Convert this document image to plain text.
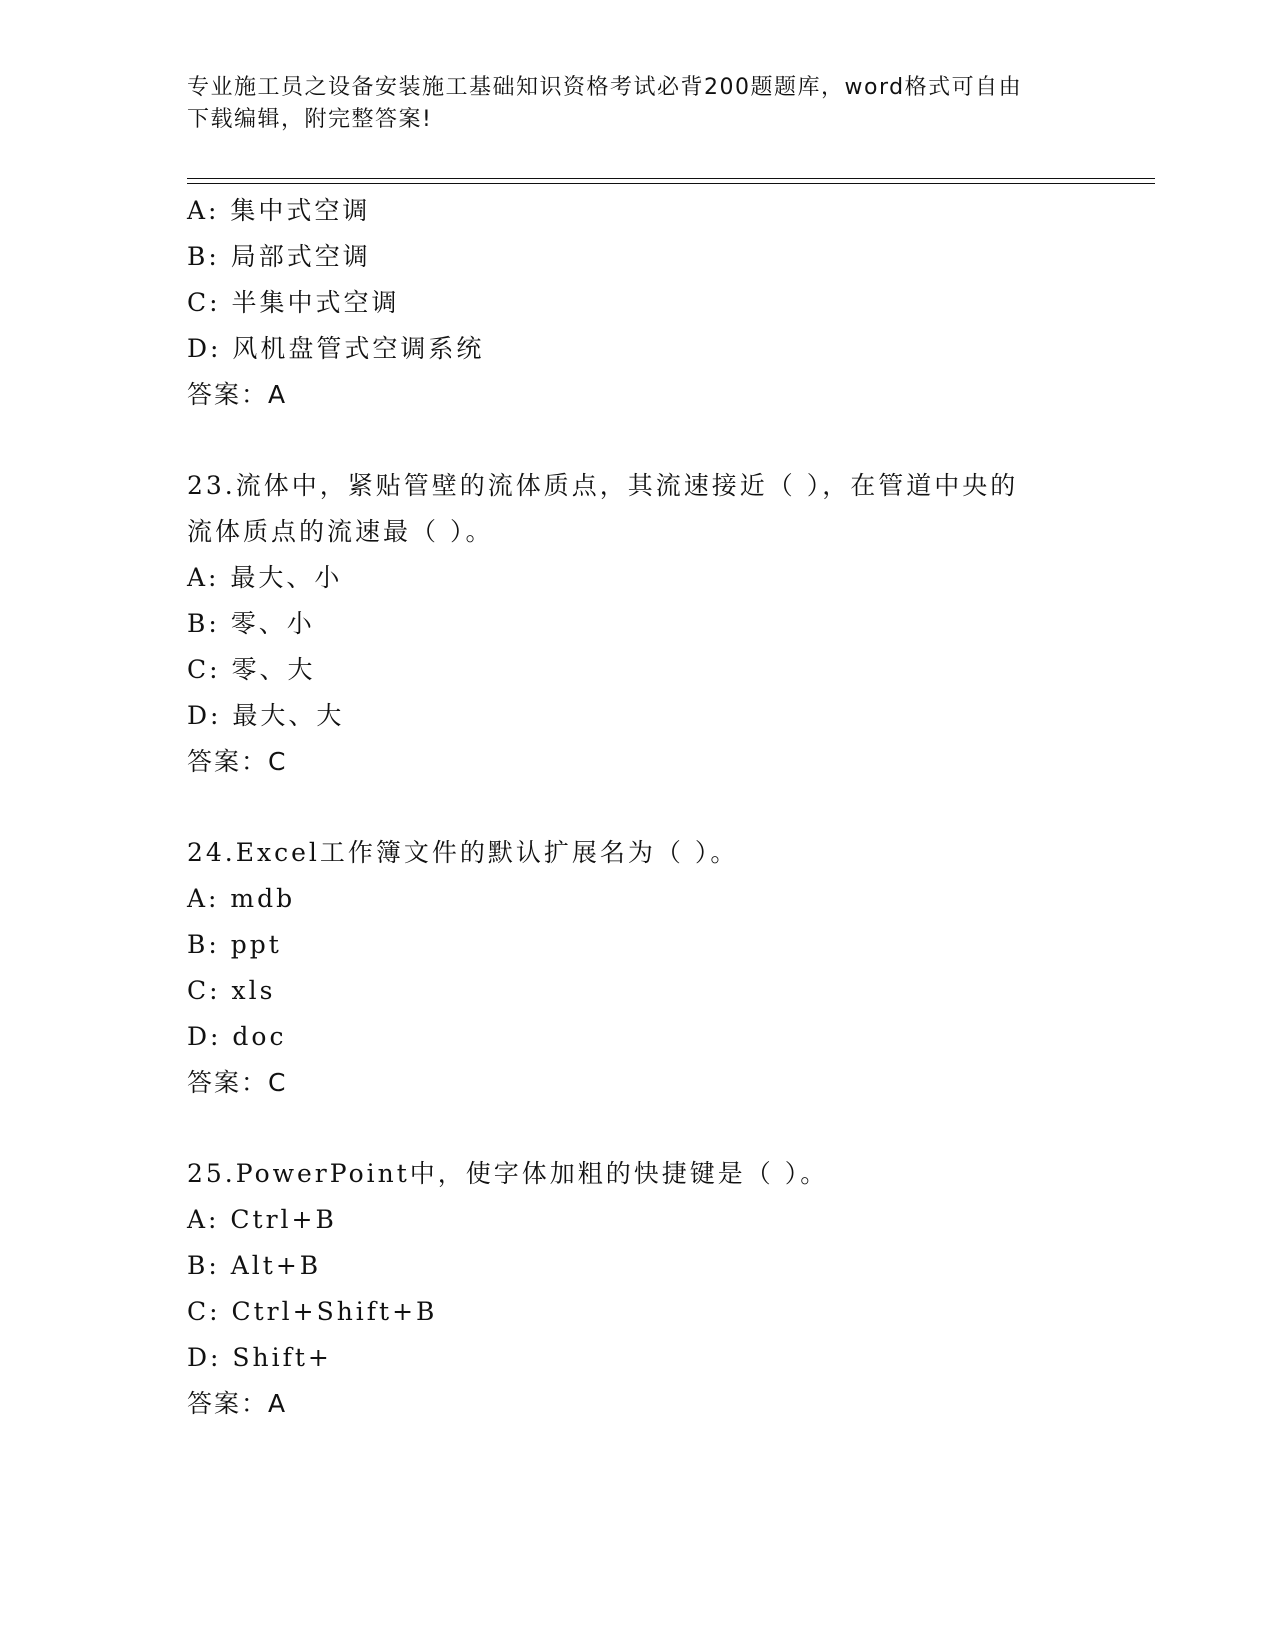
专业施工员之设备安装施工基础知识资格考试必背200题题库，word格式可自由
下载编辑，附完整答案!
A: 集中式空调
B: 局部式空调
C: 半集中式空调
D: 风机盘管式空调系统
答案：A
23.流体中，紧贴管壁的流体质点，其流速接近（ ），在管道中央的
流体质点的流速最（ ）。
A: 最大、小
B: 零、小
C: 零、大
D: 最大、大
答案：C
24.Excel工作簿文件的默认扩展名为（ ）。
A: mdb
B: ppt
C: xls
D: doc
答案：C
25.PowerPoint中，使字体加粗的快捷键是（ ）。
A: Ctrl+B
B: Alt+B
C: Ctrl+Shift+B
D: Shift+
答案：A
